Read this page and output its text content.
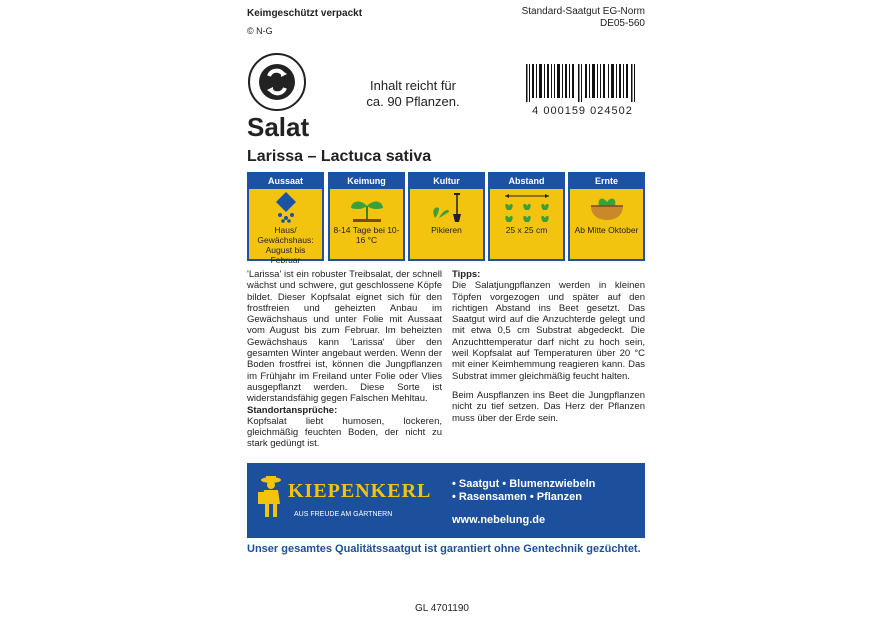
Keimgeschützt verpackt
© N-G
Standard-Saatgut EG-Norm
DE05-560
Inhalt reicht für
ca. 90 Pflanzen.
4 000159 024502
Salat
Larissa – Lactuca sativa
Aussaat
Haus/ Gewächshaus: August bis Februar
Keimung
8-14 Tage bei 10-16 °C
Kultur
Pikieren
Abstand
25 x 25 cm
Ernte
Ab Mitte Oktober
'Larissa' ist ein robuster Treibsalat, der schnell wächst und schwere, gut geschlossene Köpfe bildet. Dieser Kopfsalat eignet sich für den frostfreien und geheizten Anbau im Gewächshaus und unter Folie mit Aussaat vom August bis zum Februar. Im beheizten Gewächshaus kann 'Larissa' über den gesamten Winter angebaut werden. Wenn der Boden frostfrei ist, können die Jungpflanzen im Frühjahr im Freiland unter Folie oder Vlies ausgepflanzt werden. Diese Sorte ist widerstandsfähig gegen Falschen Mehltau.
Standortansprüche:
Kopfsalat liebt humosen, lockeren, gleichmäßig feuchten Boden, der nicht zu stark gedüngt ist.
Tipps:
Die Salatjungpflanzen werden in kleinen Töpfen vorgezogen und später auf den richtigen Abstand ins Beet gesetzt. Das Saatgut wird auf die Anzuchterde gelegt und mit etwa 0,5 cm Substrat abgedeckt. Die Anzuchttemperatur darf nicht zu hoch sein, weil Kopfsalat auf Temperaturen über 20 °C mit einer Keimhemmung reagieren kann. Das Substrat immer gleichmäßig feucht halten.
Beim Auspflanzen ins Beet die Jungpflanzen nicht zu tief setzen. Das Herz der Pflanzen muss über der Erde sein.
KIEPENKERL
AUS FREUDE AM GÄRTNERN
• Saatgut • Blumenzwiebeln
• Rasensamen • Pflanzen
www.nebelung.de
Unser gesamtes Qualitätssaatgut ist garantiert ohne Gentechnik gezüchtet.
GL 4701190
